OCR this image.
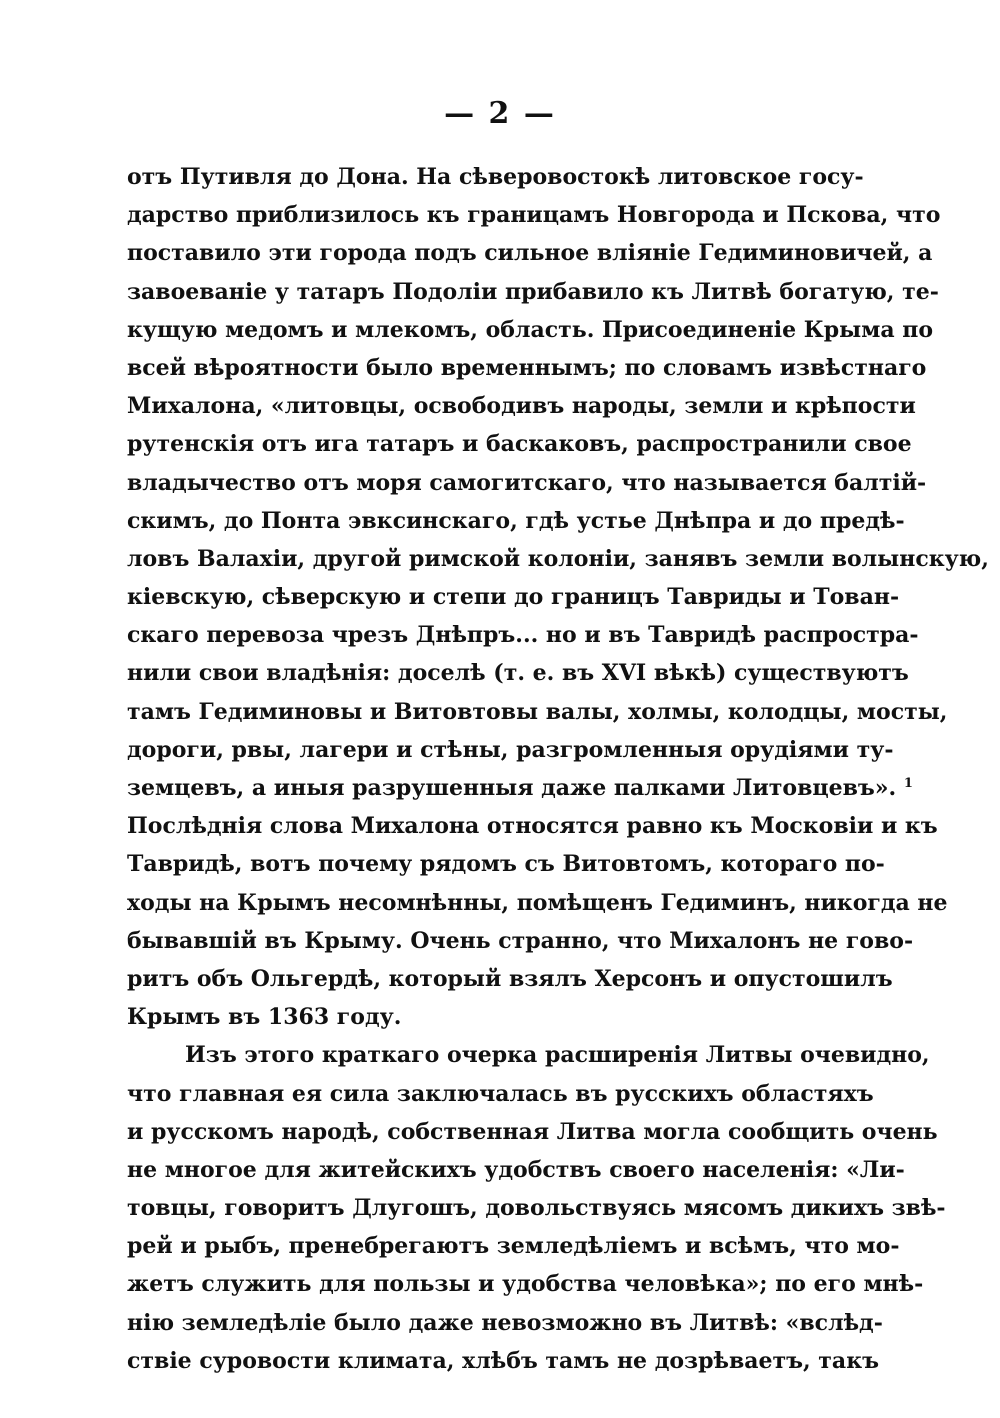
— 2 —
отъ Путивля до Дона. На сѣверовостокѣ литовское госу-
дарство приблизилось къ границамъ Новгорода и Пскова, что
поставило эти города подъ сильное вліяніе Гедиминовичей, а
завоеваніе у татаръ Подоліи прибавило къ Литвѣ богатую, те-
кущую медомъ и млекомъ, область. Присоединеніе Крыма по
всей вѣроятности было временнымъ; по словамъ извѣстнаго
Михалона, «литовцы, освободивъ народы, земли и крѣпости
рутенскія отъ ига татаръ и баскаковъ, распространили свое
владычество отъ моря самогитскаго, что называется балтій-
скимъ, до Понта эвксинскаго, гдѣ устье Днѣпра и до предѣ-
ловъ Валахіи, другой римской колоніи, занявъ земли волынскую,
кіевскую, сѣверскую и степи до границъ Тавриды и Тован-
скаго перевоза чрезъ Днѣпръ... но и въ Тавридѣ распростра-
нили свои владѣнія: доселѣ (т. е. въ XVI вѣкѣ) существуютъ
тамъ Гедиминовы и Витовтовы валы, холмы, колодцы, мосты,
дороги, рвы, лагери и стѣны, разгромленныя орудіями ту-
земцевъ, а иныя разрушенныя даже палками Литовцевъ». $^1$
Послѣднія слова Михалона относятся равно къ Московіи и къ
Тавридѣ, вотъ почему рядомъ съ Витовтомъ, котораго по-
ходы на Крымъ несомнѣнны, помѣщенъ Гедиминъ, никогда не
бывавшій въ Крыму. Очень странно, что Михалонъ не гово-
ритъ объ Ольгердѣ, который взялъ Херсонъ и опустошилъ
Крымъ въ 1363 году.
Изъ этого краткаго очерка расширенія Литвы очевидно,
что главная ея сила заключалась въ русскихъ областяхъ
и русскомъ народѣ, собственная Литва могла сообщить очень
не многое для житейскихъ удобствъ своего населенія: «Ли-
товцы, говоритъ Длугошъ, довольствуясь мясомъ дикихъ звѣ-
рей и рыбъ, пренебрегаютъ земледѣліемъ и всѣмъ, что мо-
жетъ служить для пользы и удобства человѣка»; по его мнѣ-
нію земледѣліе было даже невозможно въ Литвѣ: «вслѣд-
ствіе суровости климата, хлѣбъ тамъ не дозрѣваетъ, такъ
